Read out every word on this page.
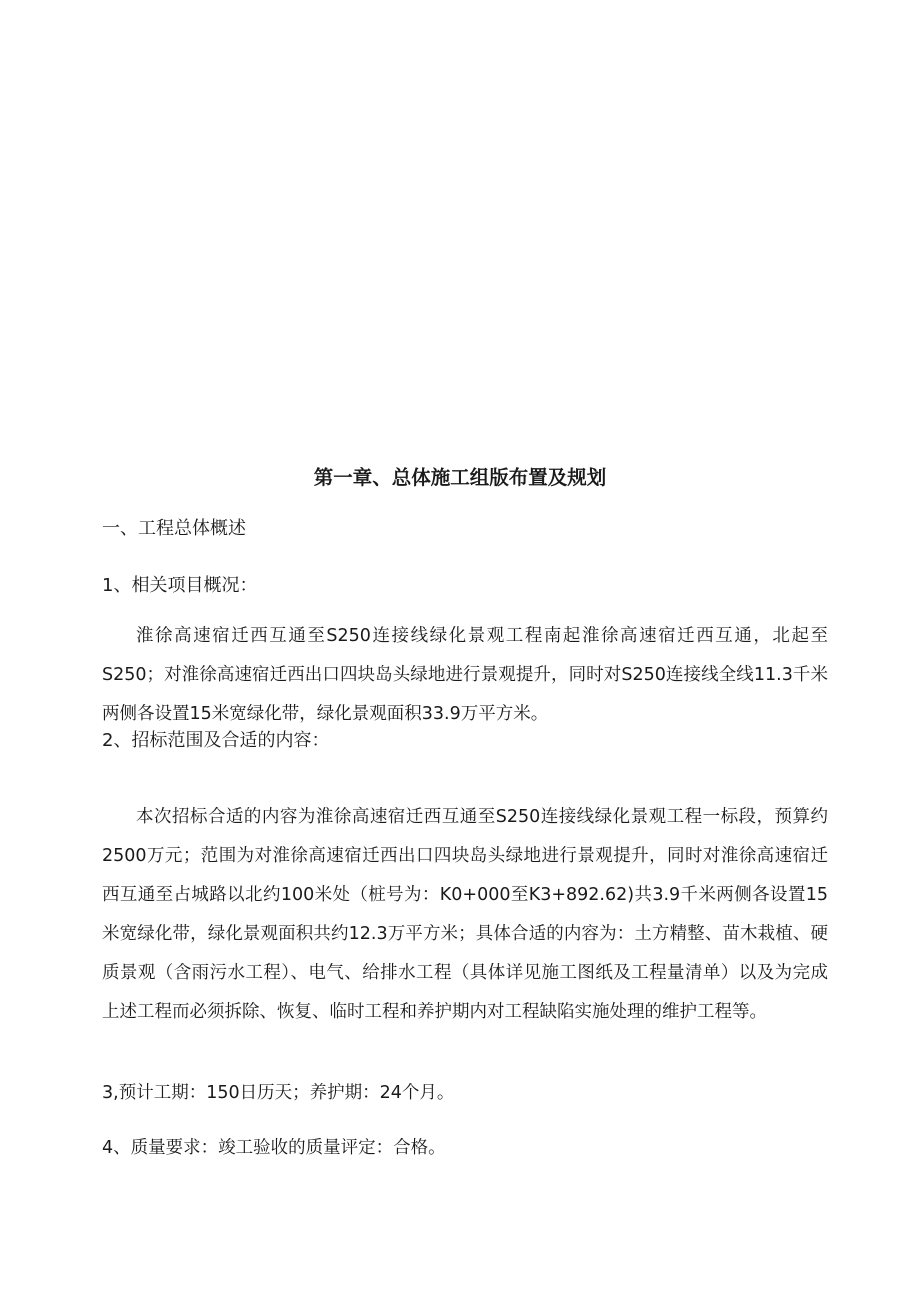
第一章、总体施工组版布置及规划

一、工程总体概述

1、相关项目概况：

淮徐高速宿迁西互通至S250连接线绿化景观工程南起淮徐高速宿迁西互通，北起至S250；对淮徐高速宿迁西出口四块岛头绿地进行景观提升，同时对S250连接线全线11.3千米两侧各设置15米宽绿化带，绿化景观面积33.9万平方米。

2、招标范围及合适的内容：

本次招标合适的内容为淮徐高速宿迁西互通至S250连接线绿化景观工程一标段，预算约2500万元；范围为对淮徐高速宿迁西出口四块岛头绿地进行景观提升，同时对淮徐高速宿迁西互通至占城路以北约100米处（桩号为：K0+000至K3+892.62)共3.9千米两侧各设置15米宽绿化带，绿化景观面积共约12.3万平方米；具体合适的内容为：土方精整、苗木栽植、硬质景观（含雨污水工程）、电气、给排水工程（具体详见施工图纸及工程量清单）以及为完成上述工程而必须拆除、恢复、临时工程和养护期内对工程缺陷实施处理的维护工程等。

3,预计工期：150日历天；养护期：24个月。

4、质量要求：竣工验收的质量评定：合格。
